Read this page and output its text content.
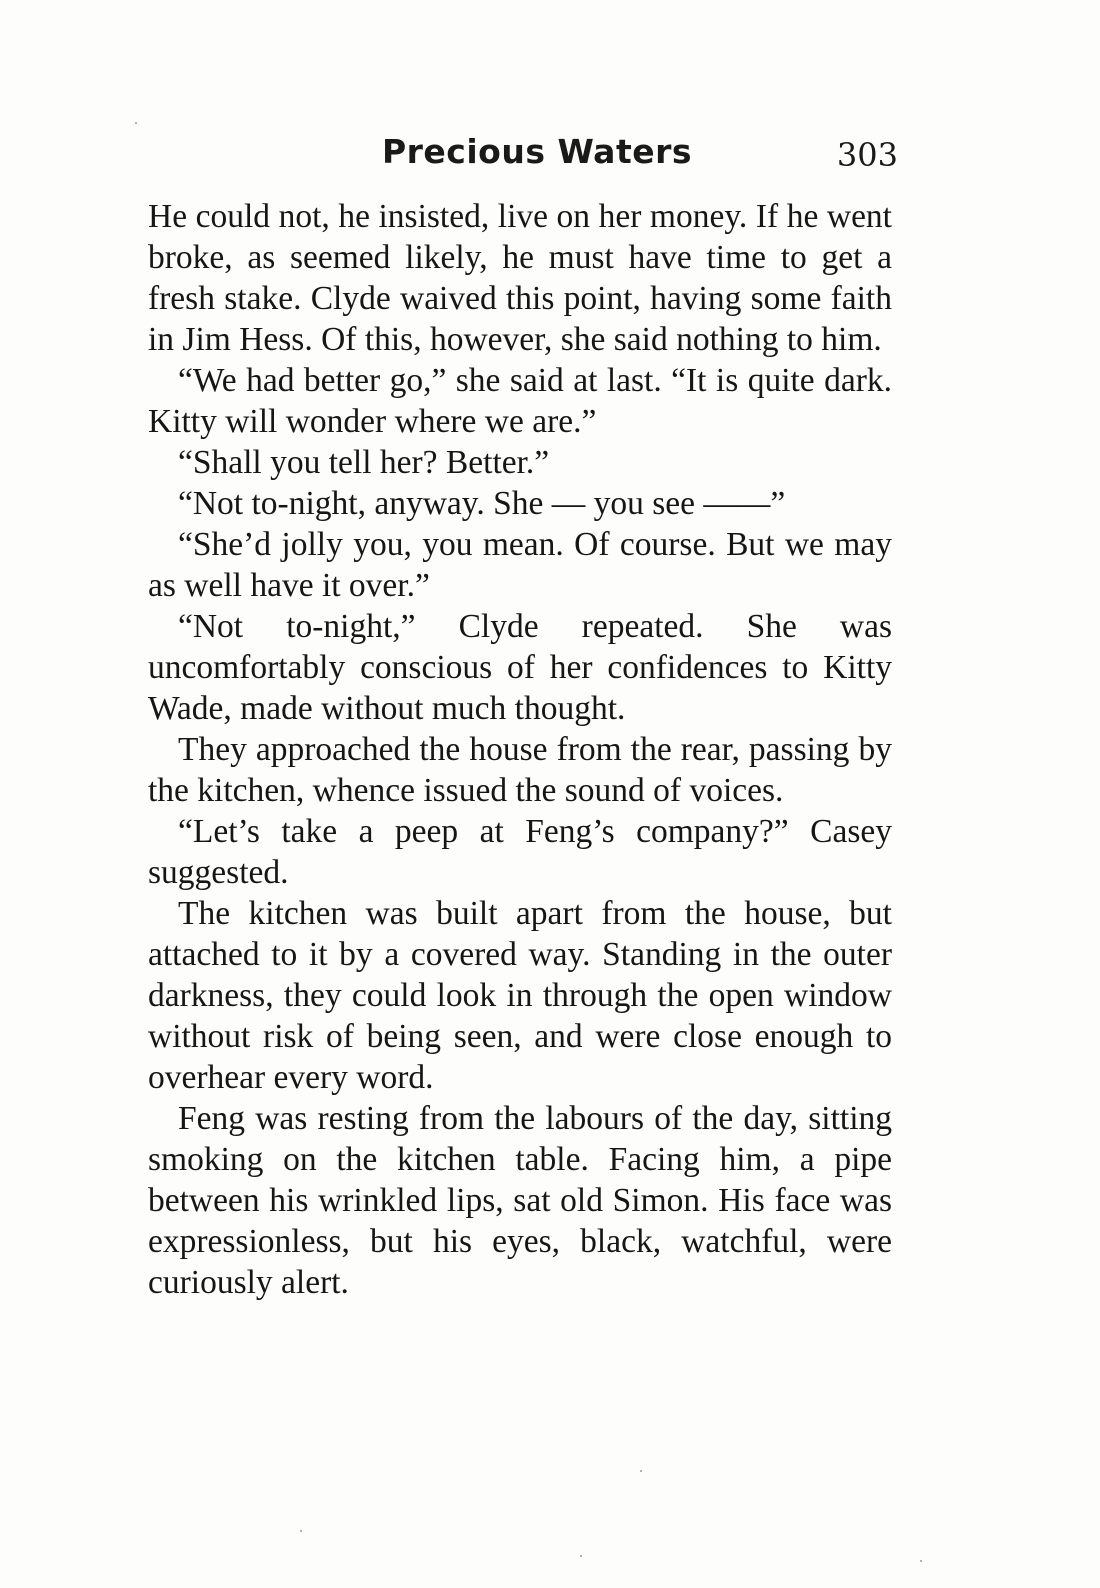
Precious Waters	303

He could not, he insisted, live on her money. If he went broke, as seemed likely, he must have time to get a fresh stake. Clyde waived this point, having some faith in Jim Hess. Of this, however, she said nothing to him.

“We had better go,” she said at last. “It is quite dark. Kitty will wonder where we are.”

“Shall you tell her? Better.”

“Not to-night, anyway. She — you see ——”

“She’d jolly you, you mean. Of course. But we may as well have it over.”

“Not to-night,” Clyde repeated. She was uncomfortably conscious of her confidences to Kitty Wade, made without much thought.

They approached the house from the rear, passing by the kitchen, whence issued the sound of voices.

“Let’s take a peep at Feng’s company?” Casey suggested.

The kitchen was built apart from the house, but attached to it by a covered way. Standing in the outer darkness, they could look in through the open window without risk of being seen, and were close enough to overhear every word.

Feng was resting from the labours of the day, sitting smoking on the kitchen table. Facing him, a pipe between his wrinkled lips, sat old Simon. His face was expressionless, but his eyes, black, watchful, were curiously alert.
